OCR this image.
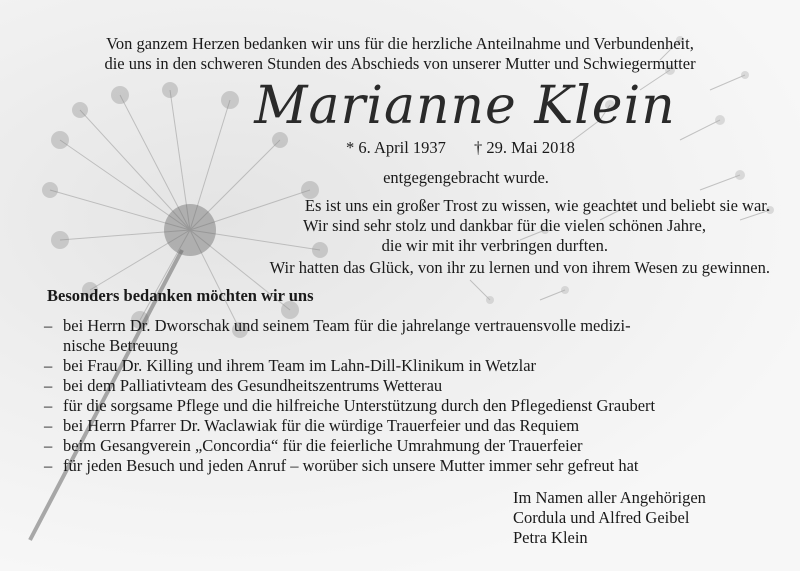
Von ganzem Herzen bedanken wir uns für die herzliche Anteilnahme und Verbundenheit,
die uns in den schweren Stunden des Abschieds von unserer Mutter und Schwiegermutter
Marianne Klein
* 6. April 1937 † 29. Mai 2018
entgegengebracht wurde.
Es ist uns ein großer Trost zu wissen, wie geachtet und beliebt sie war.
Wir sind sehr stolz und dankbar für die vielen schönen Jahre,
die wir mit ihr verbringen durften.
Wir hatten das Glück, von ihr zu lernen und von ihrem Wesen zu gewinnen.
Besonders bedanken möchten wir uns
– bei Herrn Dr. Dworschak und seinem Team für die jahrelange vertrauensvolle medizi-
nische Betreuung
– bei Frau Dr. Killing und ihrem Team im Lahn-Dill-Klinikum in Wetzlar
– bei dem Palliativteam des Gesundheitszentrums Wetterau
– für die sorgsame Pflege und die hilfreiche Unterstützung durch den Pflegedienst Graubert
– bei Herrn Pfarrer Dr. Waclawiak für die würdige Trauerfeier und das Requiem
– beim Gesangverein „Concordia“ für die feierliche Umrahmung der Trauerfeier
– für jeden Besuch und jeden Anruf – worüber sich unsere Mutter immer sehr gefreut hat
Im Namen aller Angehörigen
Cordula und Alfred Geibel
Petra Klein
